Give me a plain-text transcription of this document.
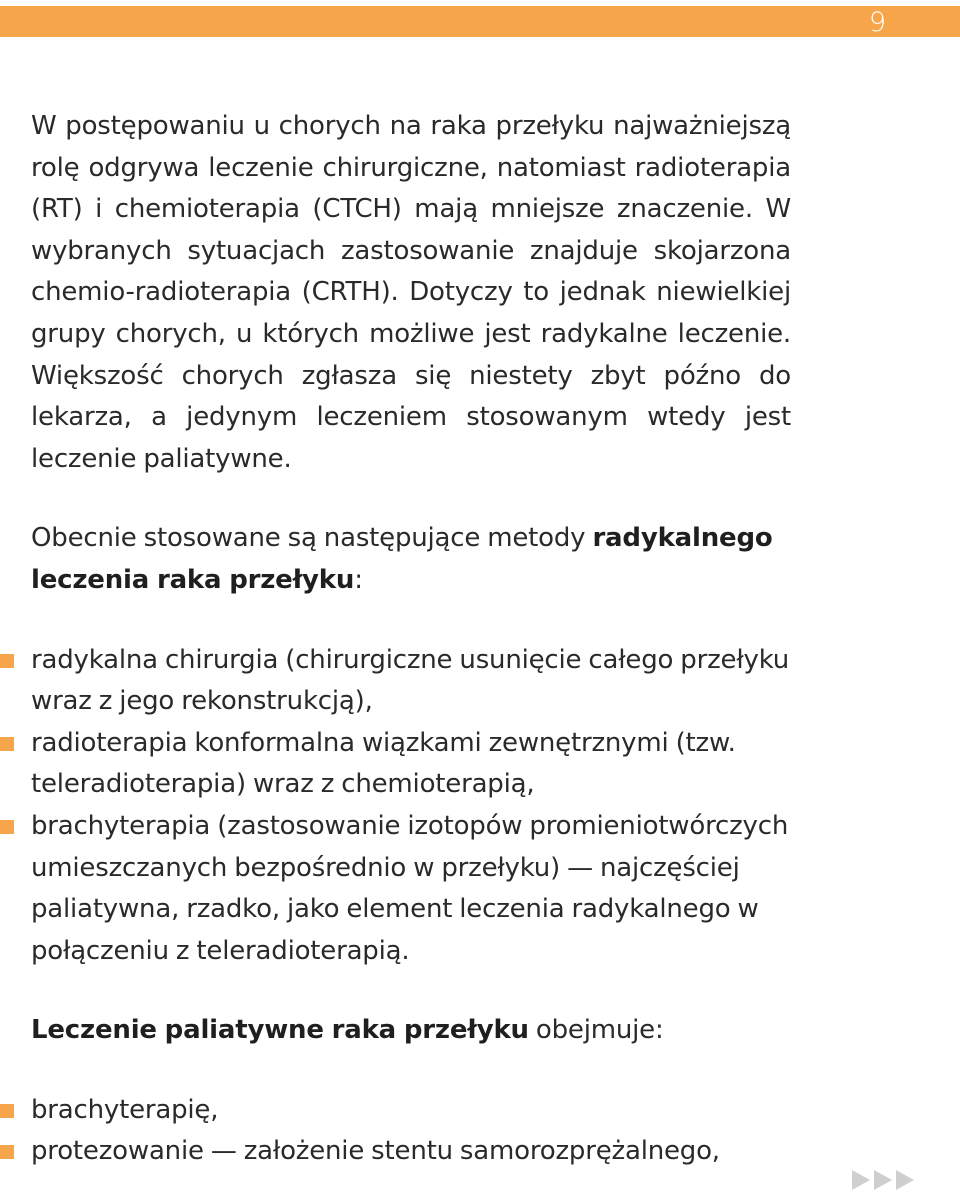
9

W postępowaniu u chorych na raka przełyku najważniejszą rolę odgrywa leczenie chirurgiczne, natomiast radioterapia (RT) i chemioterapia (CTCH) mają mniejsze znaczenie. W wybranych sytuacjach zastosowanie znajduje skojarzona chemio-radioterapia (CRTH). Dotyczy to jednak niewielkiej grupy chorych, u których możliwe jest radykalne leczenie. Większość chorych zgłasza się niestety zbyt późno do lekarza, a jedynym leczeniem stosowanym wtedy jest leczenie paliatywne.

Obecnie stosowane są następujące metody radykalnego leczenia raka przełyku:

radykalna chirurgia (chirurgiczne usunięcie całego przełyku wraz z jego rekonstrukcją),
radioterapia konformalna wiązkami zewnętrznymi (tzw. teleradioterapia) wraz z chemioterapią,
brachyterapia (zastosowanie izotopów promieniotwórczych umieszczanych bezpośrednio w przełyku) — najczęściej paliatywna, rzadko, jako element leczenia radykalnego w połączeniu z teleradioterapią.

Leczenie paliatywne raka przełyku obejmuje:

brachyterapię,
protezowanie — założenie stentu samorozprężalnego,
